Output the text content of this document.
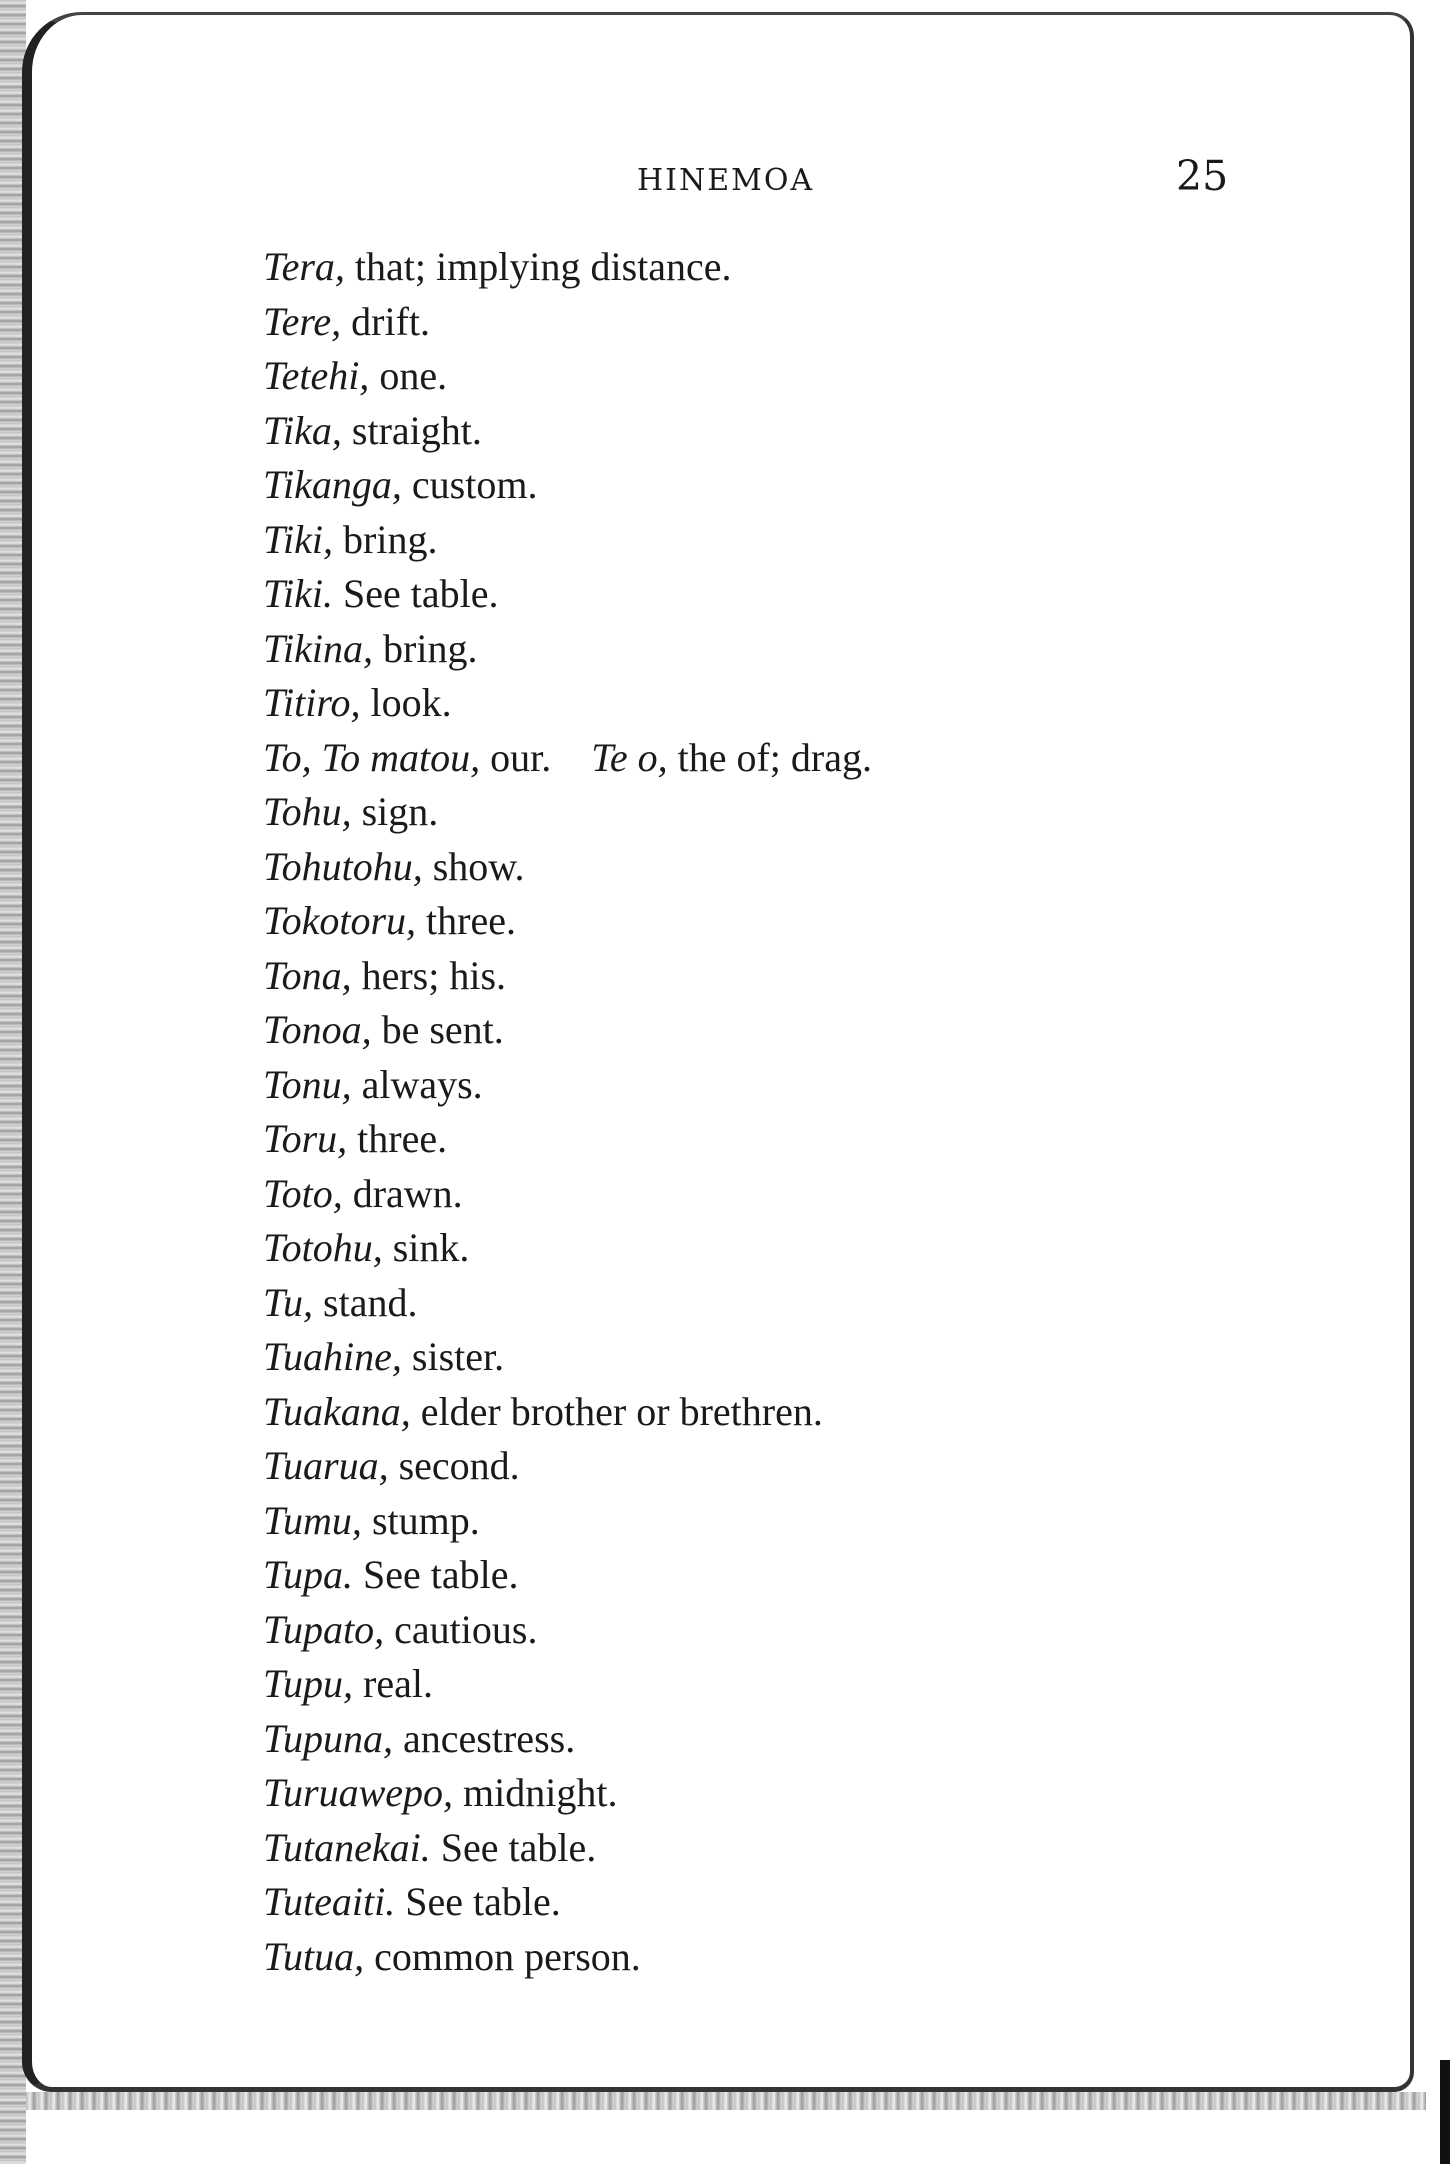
HINEMOA	25
Tera, that; implying distance.
Tere, drift.
Tetehi, one.
Tika, straight.
Tikanga, custom.
Tiki, bring.
Tiki. See table.
Tikina, bring.
Titiro, look.
To, To matou, our. Te o, the of; drag.
Tohu, sign.
Tohutohu, show.
Tokotoru, three.
Tona, hers; his.
Tonoa, be sent.
Tonu, always.
Toru, three.
Toto, drawn.
Totohu, sink.
Tu, stand.
Tuahine, sister.
Tuakana, elder brother or brethren.
Tuarua, second.
Tumu, stump.
Tupa. See table.
Tupato, cautious.
Tupu, real.
Tupuna, ancestress.
Turuawepo, midnight.
Tutanekai. See table.
Tuteaiti. See table.
Tutua, common person.
